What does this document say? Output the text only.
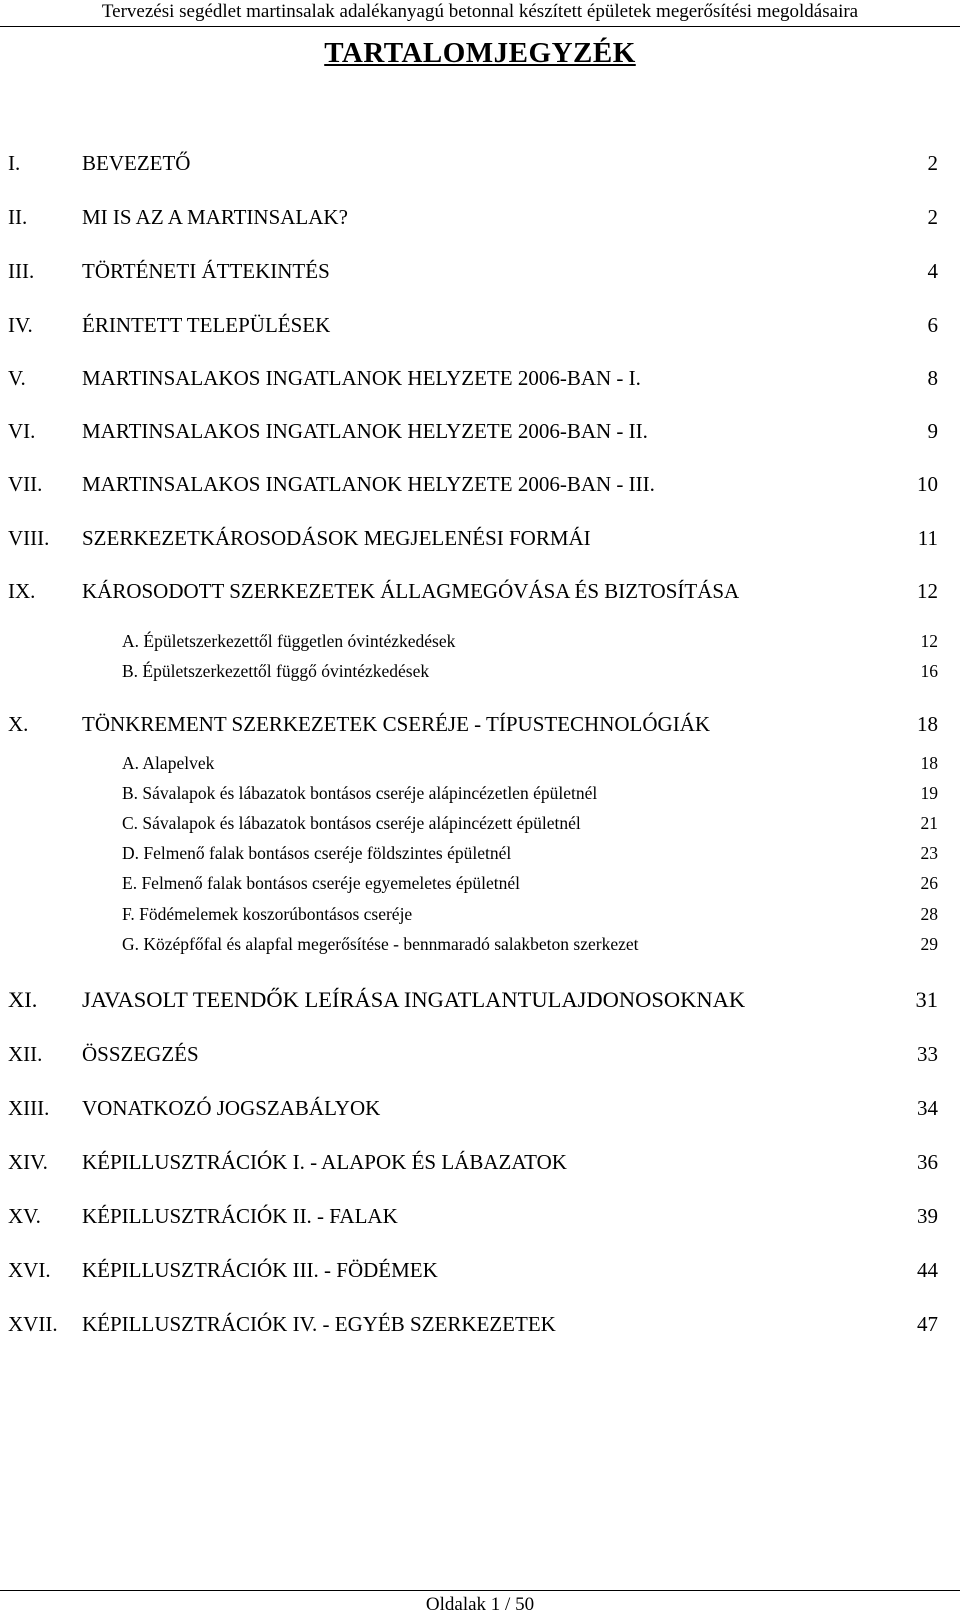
Tervezési segédlet martinsalak adalékanyagú betonnal készített épületek megerősítési megoldásaira
TARTALOMJEGYZÉK
I.	BEVEZETŐ	2
II.	MI IS AZ A MARTINSALAK?	2
III. TÖRTÉNETI ÁTTEKINTÉS	4
IV. ÉRINTETT TELEPÜLÉSEK	6
V.	MARTINSALAKOS INGATLANOK HELYZETE 2006-BAN - I.	8
VI. MARTINSALAKOS INGATLANOK HELYZETE 2006-BAN - II.	9
VII. MARTINSALAKOS INGATLANOK HELYZETE 2006-BAN - III.	10
VIII. SZERKEZETKÁROSODÁSOK MEGJELENÉSI FORMÁI	11
IX. KÁROSODOTT SZERKEZETEK ÁLLAGMEGÓVÁSA ÉS BIZTOSÍTÁSA	12
A. Épületszerkezettől független óvintézkedések	12
B. Épületszerkezettől függő óvintézkedések	16
X.	TÖNKREMENT SZERKEZETEK CSERÉJE - TÍPUSTECHNOLÓGIÁK	18
A. Alapelvek	18
B. Sávalapok és lábazatok bontásos cseréje alápincézetlen épületnél	19
C. Sávalapok és lábazatok bontásos cseréje alápincézett épületnél	21
D. Felmenő falak bontásos cseréje földszintes épületnél	23
E. Felmenő falak bontásos cseréje egyemeletes épületnél	26
F. Födémelemek koszorúbontásos cseréje	28
G. Középfőfal és alapfal megerősítése - bennmaradó salakbeton szerkezet	29
XI. JAVASOLT TEENDŐK LEÍRÁSA INGATLANTULAJDONOSOKNAK	31
XII. ÖSSZEGZÉS	33
XIII. VONATKOZÓ JOGSZABÁLYOK	34
XIV. KÉPILLUSZTRÁCIÓK I. - ALAPOK ÉS LÁBAZATOK	36
XV. KÉPILLUSZTRÁCIÓK II. - FALAK	39
XVI. KÉPILLUSZTRÁCIÓK III. - FÖDÉMEK	44
XVII. KÉPILLUSZTRÁCIÓK IV. - EGYÉB SZERKEZETEK	47
Oldalak 1 / 50
